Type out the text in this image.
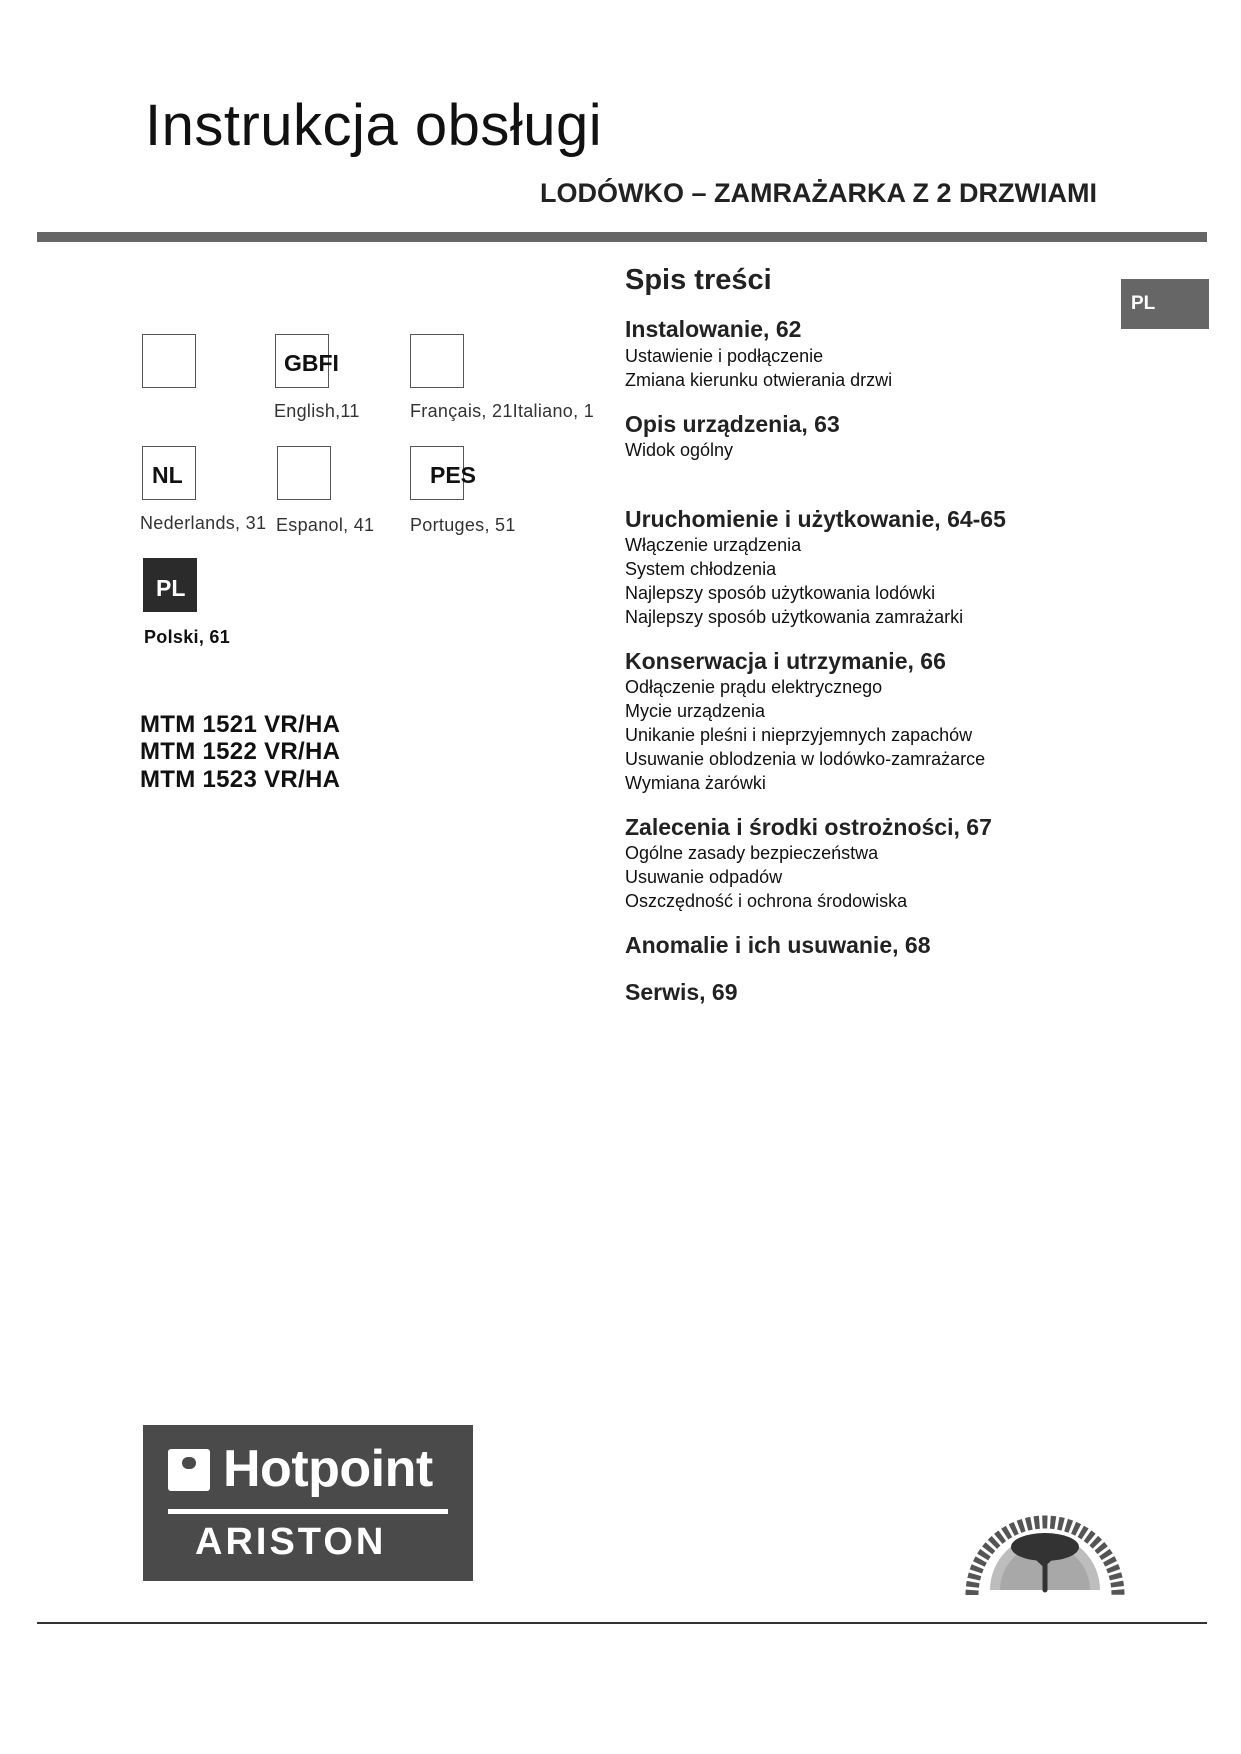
Instrukcja obsługi
LODÓWKO – ZAMRAŻARKA Z 2 DRZWIAMI
PL
GBFI
English,11	Français, 21Italiano, 1
NL	PES
Nederlands, 31 Espanol, 41 Portuges, 51
PL
Polski, 61
MTM 1521 VR/HA
MTM 1522 VR/HA
MTM 1523 VR/HA
Spis treści
Instalowanie, 62
Ustawienie i podłączenie
Zmiana kierunku otwierania drzwi
Opis urządzenia, 63
Widok ogólny
Uruchomienie i użytkowanie, 64-65
Włączenie urządzenia
System chłodzenia
Najlepszy sposób użytkowania lodówki
Najlepszy sposób użytkowania zamrażarki
Konserwacja i utrzymanie, 66
Odłączenie prądu elektrycznego
Mycie urządzenia
Unikanie pleśni i nieprzyjemnych zapachów
Usuwanie oblodzenia w lodówko-zamrażarce
Wymiana żarówki
Zalecenia i środki ostrożności, 67
Ogólne zasady bezpieczeństwa
Usuwanie odpadów
Oszczędność i ochrona środowiska
Anomalie i ich usuwanie, 68
Serwis, 69
Hotpoint
ARISTON
